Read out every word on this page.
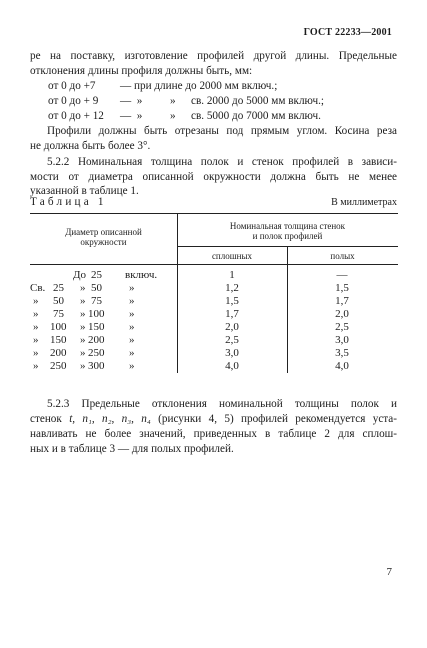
ГОСТ 22233—2001

ре на поставку, изготовление профилей другой длины. Предельные

отклонения длины профиля должны быть, мм:

от 0 до +7

— при длине до 2000 мм включ.;

от 0 до + 9

—  »

»

св. 2000 до 5000 мм включ.;

от 0 до + 12

—  »

»

св. 5000 до 7000 мм включ.

Профили должны быть отрезаны под прямым углом. Косина реза

не должна быть более 3°.

5.2.2 Номинальная толщина полок и стенок профилей в зависи-

мости от диаметра описанной окружности должна быть не менее

указанной в таблице 1.

Таблица 1	В миллиметрах
Диаметр описанной
окружности
Номинальная толщина стенок
и полок профилей
сплошных	полых
До 25 включ.	1	—
Св. 25 » 50 »	1,2	1,5
» 50 » 75 »	1,5	1,7
» 75 » 100 »	1,7	2,0
» 100 » 150 »	2,0	2,5
» 150 » 200 »	2,5	3,0
» 200 » 250 »	3,0	3,5
» 250 » 300 »	4,0	4,0

5.2.3 Предельные отклонения номинальной толщины полок и

стенок t, n₁, n₂, n₃, n₄ (рисунки 4, 5) профилей рекомендуется уста-

навливать не более значений, приведенных в таблице 2 для сплош-

ных и в таблице 3 — для полых профилей.

7
